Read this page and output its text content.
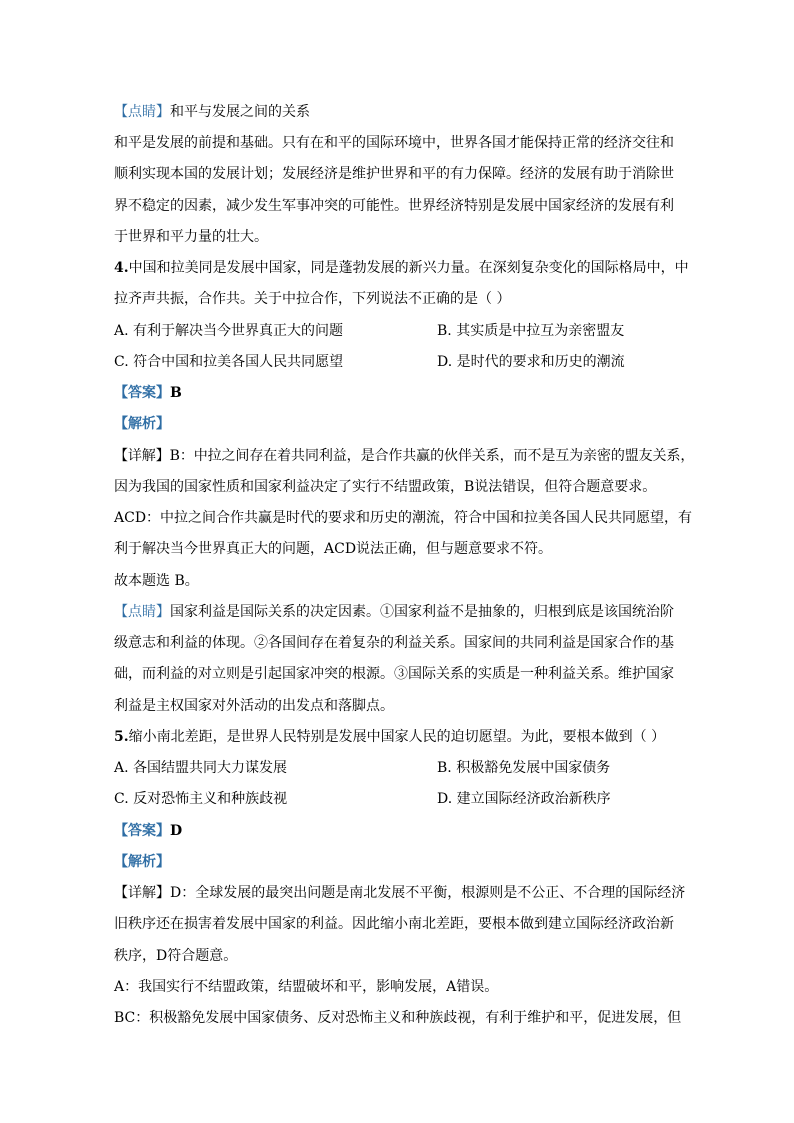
【点睛】和平与发展之间的关系
和平是发展的前提和基础。只有在和平的国际环境中，世界各国才能保持正常的经济交往和
顺利实现本国的发展计划；发展经济是维护世界和平的有力保障。经济的发展有助于消除世
界不稳定的因素，减少发生军事冲突的可能性。世界经济特别是发展中国家经济的发展有利
于世界和平力量的壮大。
4.中国和拉美同是发展中国家，同是蓬勃发展的新兴力量。在深刻复杂变化的国际格局中，中
拉齐声共振，合作共。关于中拉合作，下列说法不正确的是（ ）
A. 有利于解决当今世界真正大的问题	B. 其实质是中拉互为亲密盟友
C. 符合中国和拉美各国人民共同愿望	D. 是时代的要求和历史的潮流
【答案】B
【解析】
【详解】B：中拉之间存在着共同利益，是合作共赢的伙伴关系，而不是互为亲密的盟友关系，
因为我国的国家性质和国家利益决定了实行不结盟政策，B说法错误，但符合题意要求。
ACD：中拉之间合作共赢是时代的要求和历史的潮流，符合中国和拉美各国人民共同愿望，有
利于解决当今世界真正大的问题，ACD说法正确，但与题意要求不符。
故本题选 B。
【点睛】国家利益是国际关系的决定因素。①国家利益不是抽象的，归根到底是该国统治阶
级意志和利益的体现。②各国间存在着复杂的利益关系。国家间的共同利益是国家合作的基
础，而利益的对立则是引起国家冲突的根源。③国际关系的实质是一种利益关系。维护国家
利益是主权国家对外活动的出发点和落脚点。
5.缩小南北差距，是世界人民特别是发展中国家人民的迫切愿望。为此，要根本做到（ ）
A. 各国结盟共同大力谋发展	B. 积极豁免发展中国家债务
C. 反对恐怖主义和种族歧视	D. 建立国际经济政治新秩序
【答案】D
【解析】
【详解】D：全球发展的最突出问题是南北发展不平衡，根源则是不公正、不合理的国际经济
旧秩序还在损害着发展中国家的利益。因此缩小南北差距，要根本做到建立国际经济政治新
秩序，D符合题意。
A：我国实行不结盟政策，结盟破坏和平，影响发展，A错误。
BC：积极豁免发展中国家债务、反对恐怖主义和种族歧视，有利于维护和平，促进发展，但
